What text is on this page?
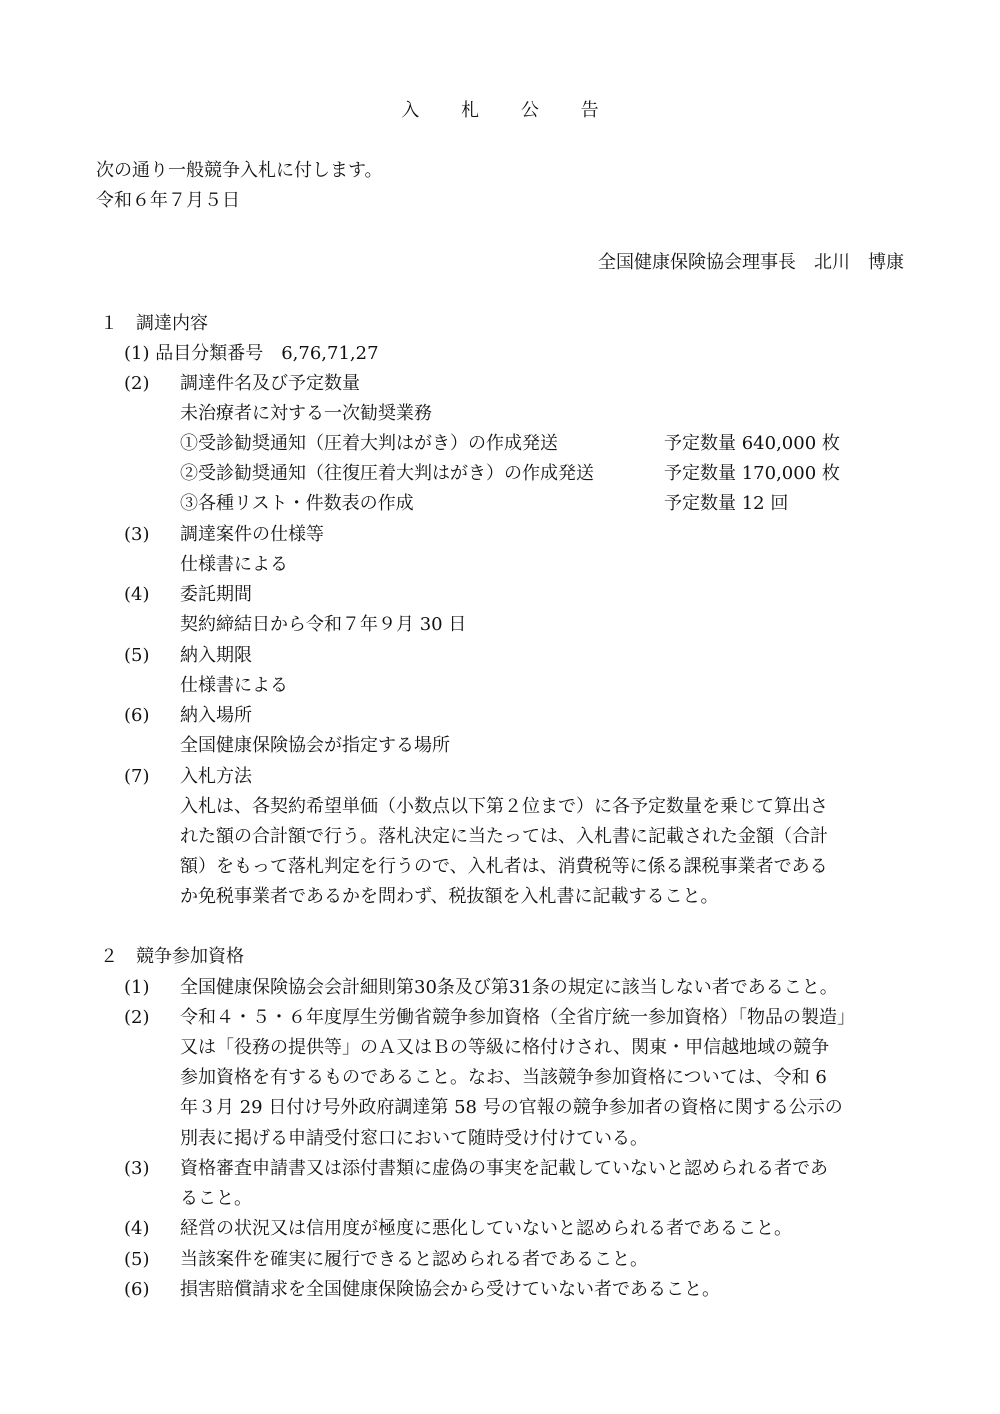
入 札 公 告
次の通り一般競争入札に付します。
令和６年７月５日
全国健康保険協会理事長　北川　博康
１　調達内容
(1) 品目分類番号　6,76,71,27
(2) 調達件名及び予定数量
未治療者に対する一次勧奨業務
①受診勧奨通知（圧着大判はがき）の作成発送	予定数量 640,000 枚
②受診勧奨通知（往復圧着大判はがき）の作成発送	予定数量 170,000 枚
③各種リスト・件数表の作成	予定数量 12 回
(3) 調達案件の仕様等
仕様書による
(4) 委託期間
契約締結日から令和７年９月 30 日
(5) 納入期限
仕様書による
(6) 納入場所
全国健康保険協会が指定する場所
(7) 入札方法
入札は、各契約希望単価（小数点以下第２位まで）に各予定数量を乗じて算出さ
れた額の合計額で行う。落札決定に当たっては、入札書に記載された金額（合計
額）をもって落札判定を行うので、入札者は、消費税等に係る課税事業者である
か免税事業者であるかを問わず、税抜額を入札書に記載すること。
２　競争参加資格
(1) 全国健康保険協会会計細則第30条及び第31条の規定に該当しない者であること。
(2) 令和４・５・６年度厚生労働省競争参加資格（全省庁統一参加資格）「物品の製造」
又は「役務の提供等」のＡ又はＢの等級に格付けされ、関東・甲信越地域の競争
参加資格を有するものであること。なお、当該競争参加資格については、令和 6
年３月 29 日付け号外政府調達第 58 号の官報の競争参加者の資格に関する公示の
別表に掲げる申請受付窓口において随時受け付けている。
(3) 資格審査申請書又は添付書類に虚偽の事実を記載していないと認められる者であ
ること。
(4) 経営の状況又は信用度が極度に悪化していないと認められる者であること。
(5) 当該案件を確実に履行できると認められる者であること。
(6) 損害賠償請求を全国健康保険協会から受けていない者であること。
